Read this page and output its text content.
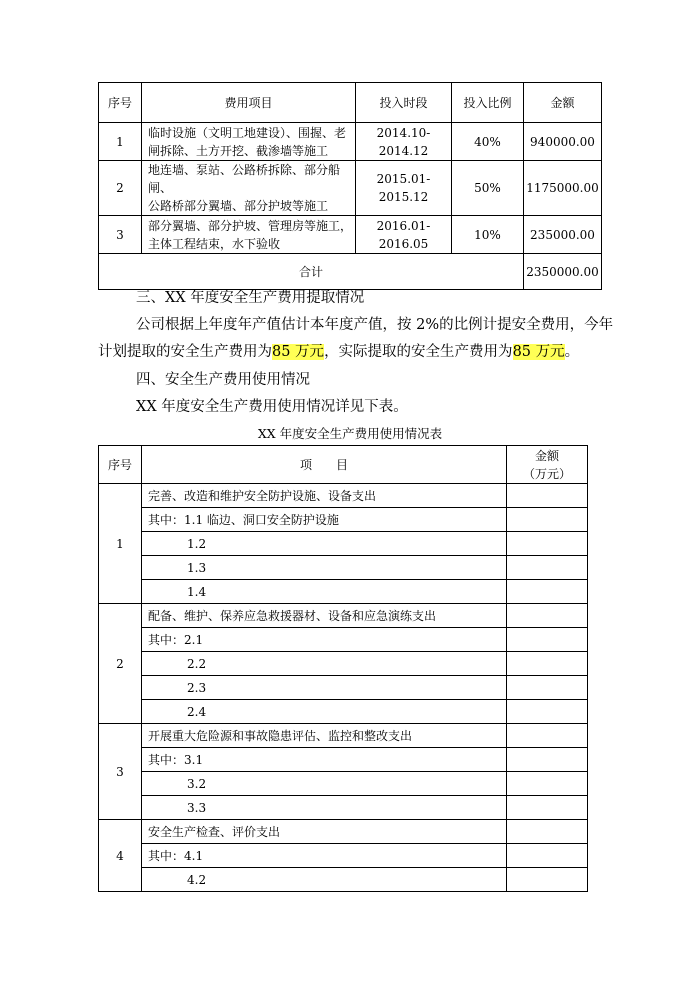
序号	费用项目	投入时段	投入比例	金额
1	临时设施（文明工地建设）、围握、老
闸拆除、土方开挖、截渗墙等施工	2014.10-2014.12	40%	940000.00
2	地连墙、泵站、公路桥拆除、部分船闸、
公路桥部分翼墙、部分护坡等施工	2015.01-2015.12	50%	1175000.00
3	部分翼墙、部分护坡、管理房等施工，
主体工程结束，水下验收	2016.01-2016.05	10%	235000.00
合计				2350000.00
三、XX 年度安全生产费用提取情况
公司根据上年度年产值估计本年度产值，按 2%的比例计提安全费用，今年
计划提取的安全生产费用为85 万元，实际提取的安全生产费用为85 万元。
四、安全生产费用使用情况
XX 年度安全生产费用使用情况详见下表。
XX 年度安全生产费用使用情况表
序号	项　　目	金额
（万元）

1	完善、改造和维护安全防护设施、设备支出	
	其中：1.1 临边、洞口安全防护设施	
	1.2	
	1.3	
	1.4	
2	配备、维护、保养应急救援器材、设备和应急演练支出	
	其中：2.1	
	2.2	
	2.3	
	2.4	
3	开展重大危险源和事故隐患评估、监控和整改支出	
	其中：3.1	
	3.2	
	3.3	
4	安全生产检查、评价支出	
	其中：4.1	
	4.2	
